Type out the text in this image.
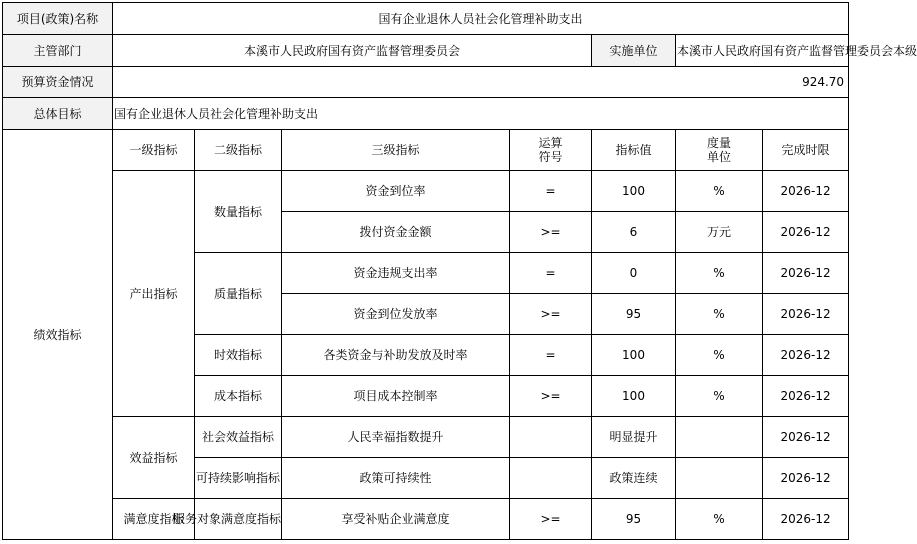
项目(政策)名称	国有企业退休人员社会化管理补助支出						
主管部门	本溪市人民政府国有资产监督管理委员会				实施单位	本溪市人民政府国有资产监督管理委员会本级	
预算资金情况	924.70						
总体目标	国有企业退休人员社会化管理补助支出						
绩效指标	一级指标	二级指标	三级指标	运算符号	指标值	度量单位	完成时限
	产出指标	数量指标	资金到位率	=	100	%	2026-12
			拨付资金金额	>=	6	万元	2026-12
		质量指标	资金违规支出率	=	0	%	2026-12
			资金到位发放率	>=	95	%	2026-12
		时效指标	各类资金与补助发放及时率	=	100	%	2026-12
		成本指标	项目成本控制率	>=	100	%	2026-12
	效益指标	社会效益指标	人民幸福指数提升		明显提升		2026-12
		可持续影响指标	政策可持续性		政策连续		2026-12
	满意度指标	服务对象满意度指标	享受补贴企业满意度	>=	95	%	2026-12
